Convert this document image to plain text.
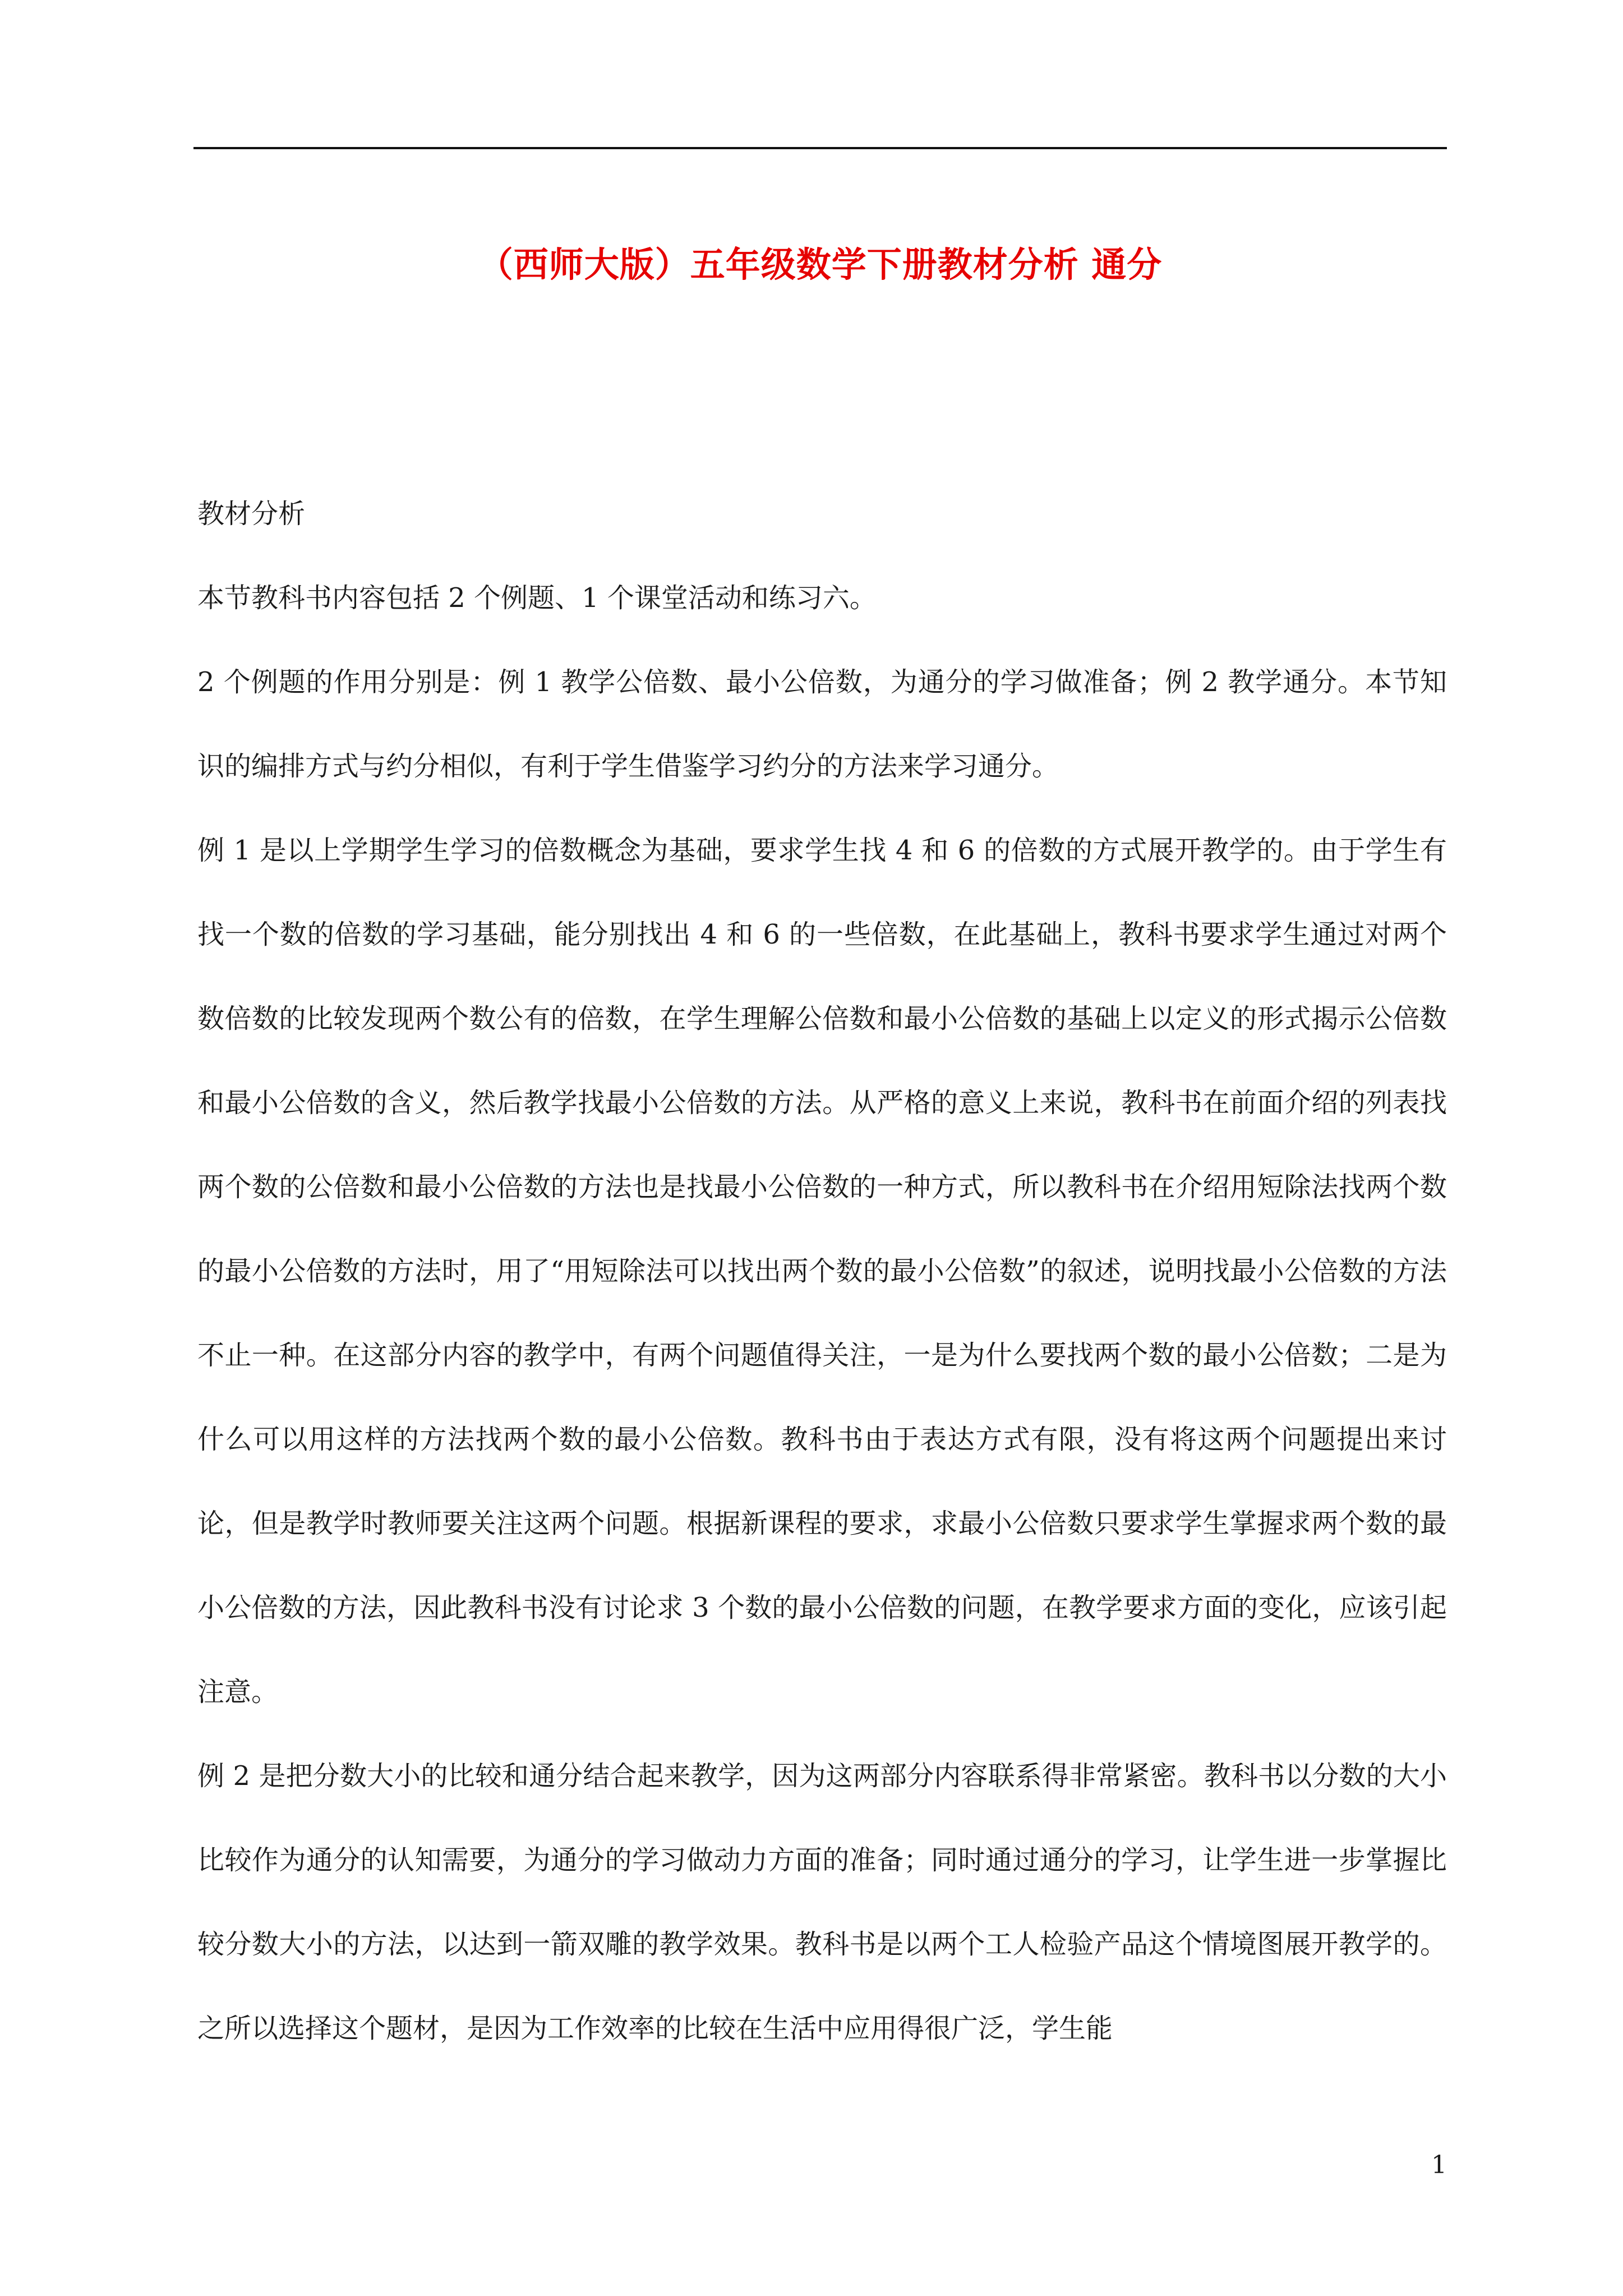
（西师大版）五年级数学下册教材分析 通分

教材分析

本节教科书内容包括 2 个例题、1 个课堂活动和练习六。

2 个例题的作用分别是：例 1 教学公倍数、最小公倍数，为通分的学习做准备；例 2 教学通分。本节知识的编排方式与约分相似，有利于学生借鉴学习约分的方法来学习通分。

例 1 是以上学期学生学习的倍数概念为基础，要求学生找 4 和 6 的倍数的方式展开教学的。由于学生有找一个数的倍数的学习基础，能分别找出 4 和 6 的一些倍数，在此基础上，教科书要求学生通过对两个数倍数的比较发现两个数公有的倍数，在学生理解公倍数和最小公倍数的基础上以定义的形式揭示公倍数和最小公倍数的含义，然后教学找最小公倍数的方法。从严格的意义上来说，教科书在前面介绍的列表找两个数的公倍数和最小公倍数的方法也是找最小公倍数的一种方式，所以教科书在介绍用短除法找两个数的最小公倍数的方法时，用了“用短除法可以找出两个数的最小公倍数”的叙述，说明找最小公倍数的方法不止一种。在这部分内容的教学中，有两个问题值得关注，一是为什么要找两个数的最小公倍数；二是为什么可以用这样的方法找两个数的最小公倍数。教科书由于表达方式有限，没有将这两个问题提出来讨论，但是教学时教师要关注这两个问题。根据新课程的要求，求最小公倍数只要求学生掌握求两个数的最小公倍数的方法，因此教科书没有讨论求 3 个数的最小公倍数的问题，在教学要求方面的变化，应该引起注意。

例 2 是把分数大小的比较和通分结合起来教学，因为这两部分内容联系得非常紧密。教科书以分数的大小比较作为通分的认知需要，为通分的学习做动力方面的准备；同时通过通分的学习，让学生进一步掌握比较分数大小的方法，以达到一箭双雕的教学效果。教科书是以两个工人检验产品这个情境图展开教学的。之所以选择这个题材，是因为工作效率的比较在生活中应用得很广泛，学生能

1
